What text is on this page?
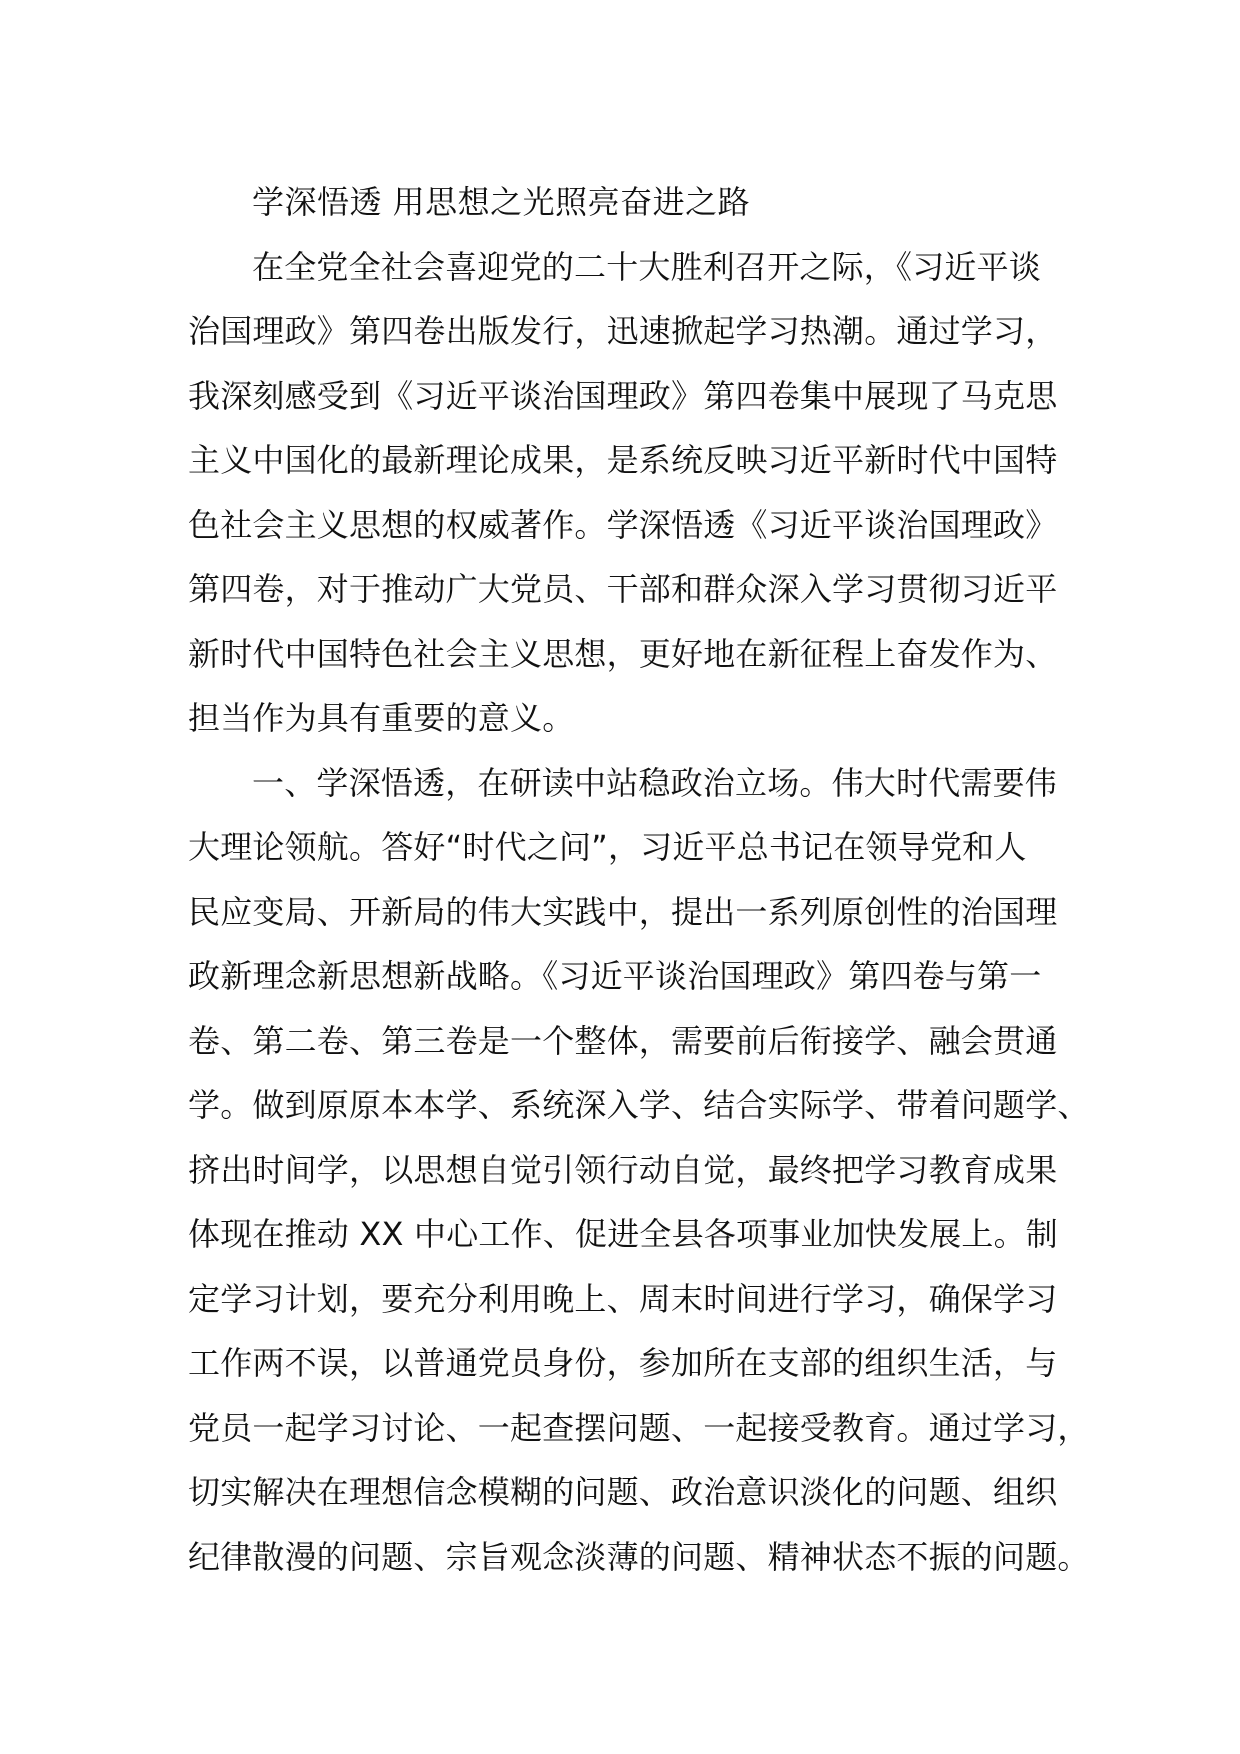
学深悟透 用思想之光照亮奋进之路
在全党全社会喜迎党的二十大胜利召开之际，《习近平谈
治国理政》第四卷出版发行，迅速掀起学习热潮。通过学习，
我深刻感受到《习近平谈治国理政》第四卷集中展现了马克思
主义中国化的最新理论成果，是系统反映习近平新时代中国特
色社会主义思想的权威著作。学深悟透《习近平谈治国理政》
第四卷，对于推动广大党员、干部和群众深入学习贯彻习近平
新时代中国特色社会主义思想，更好地在新征程上奋发作为、
担当作为具有重要的意义。
一、学深悟透，在研读中站稳政治立场。伟大时代需要伟
大理论领航。答好“时代之问”，习近平总书记在领导党和人
民应变局、开新局的伟大实践中，提出一系列原创性的治国理
政新理念新思想新战略。《习近平谈治国理政》第四卷与第一
卷、第二卷、第三卷是一个整体，需要前后衔接学、融会贯通
学。做到原原本本学、系统深入学、结合实际学、带着问题学、
挤出时间学，以思想自觉引领行动自觉，最终把学习教育成果
体现在推动 XX 中心工作、促进全县各项事业加快发展上。制
定学习计划，要充分利用晚上、周末时间进行学习，确保学习
工作两不误，以普通党员身份，参加所在支部的组织生活，与
党员一起学习讨论、一起查摆问题、一起接受教育。通过学习，
切实解决在理想信念模糊的问题、政治意识淡化的问题、组织
纪律散漫的问题、宗旨观念淡薄的问题、精神状态不振的问题。
